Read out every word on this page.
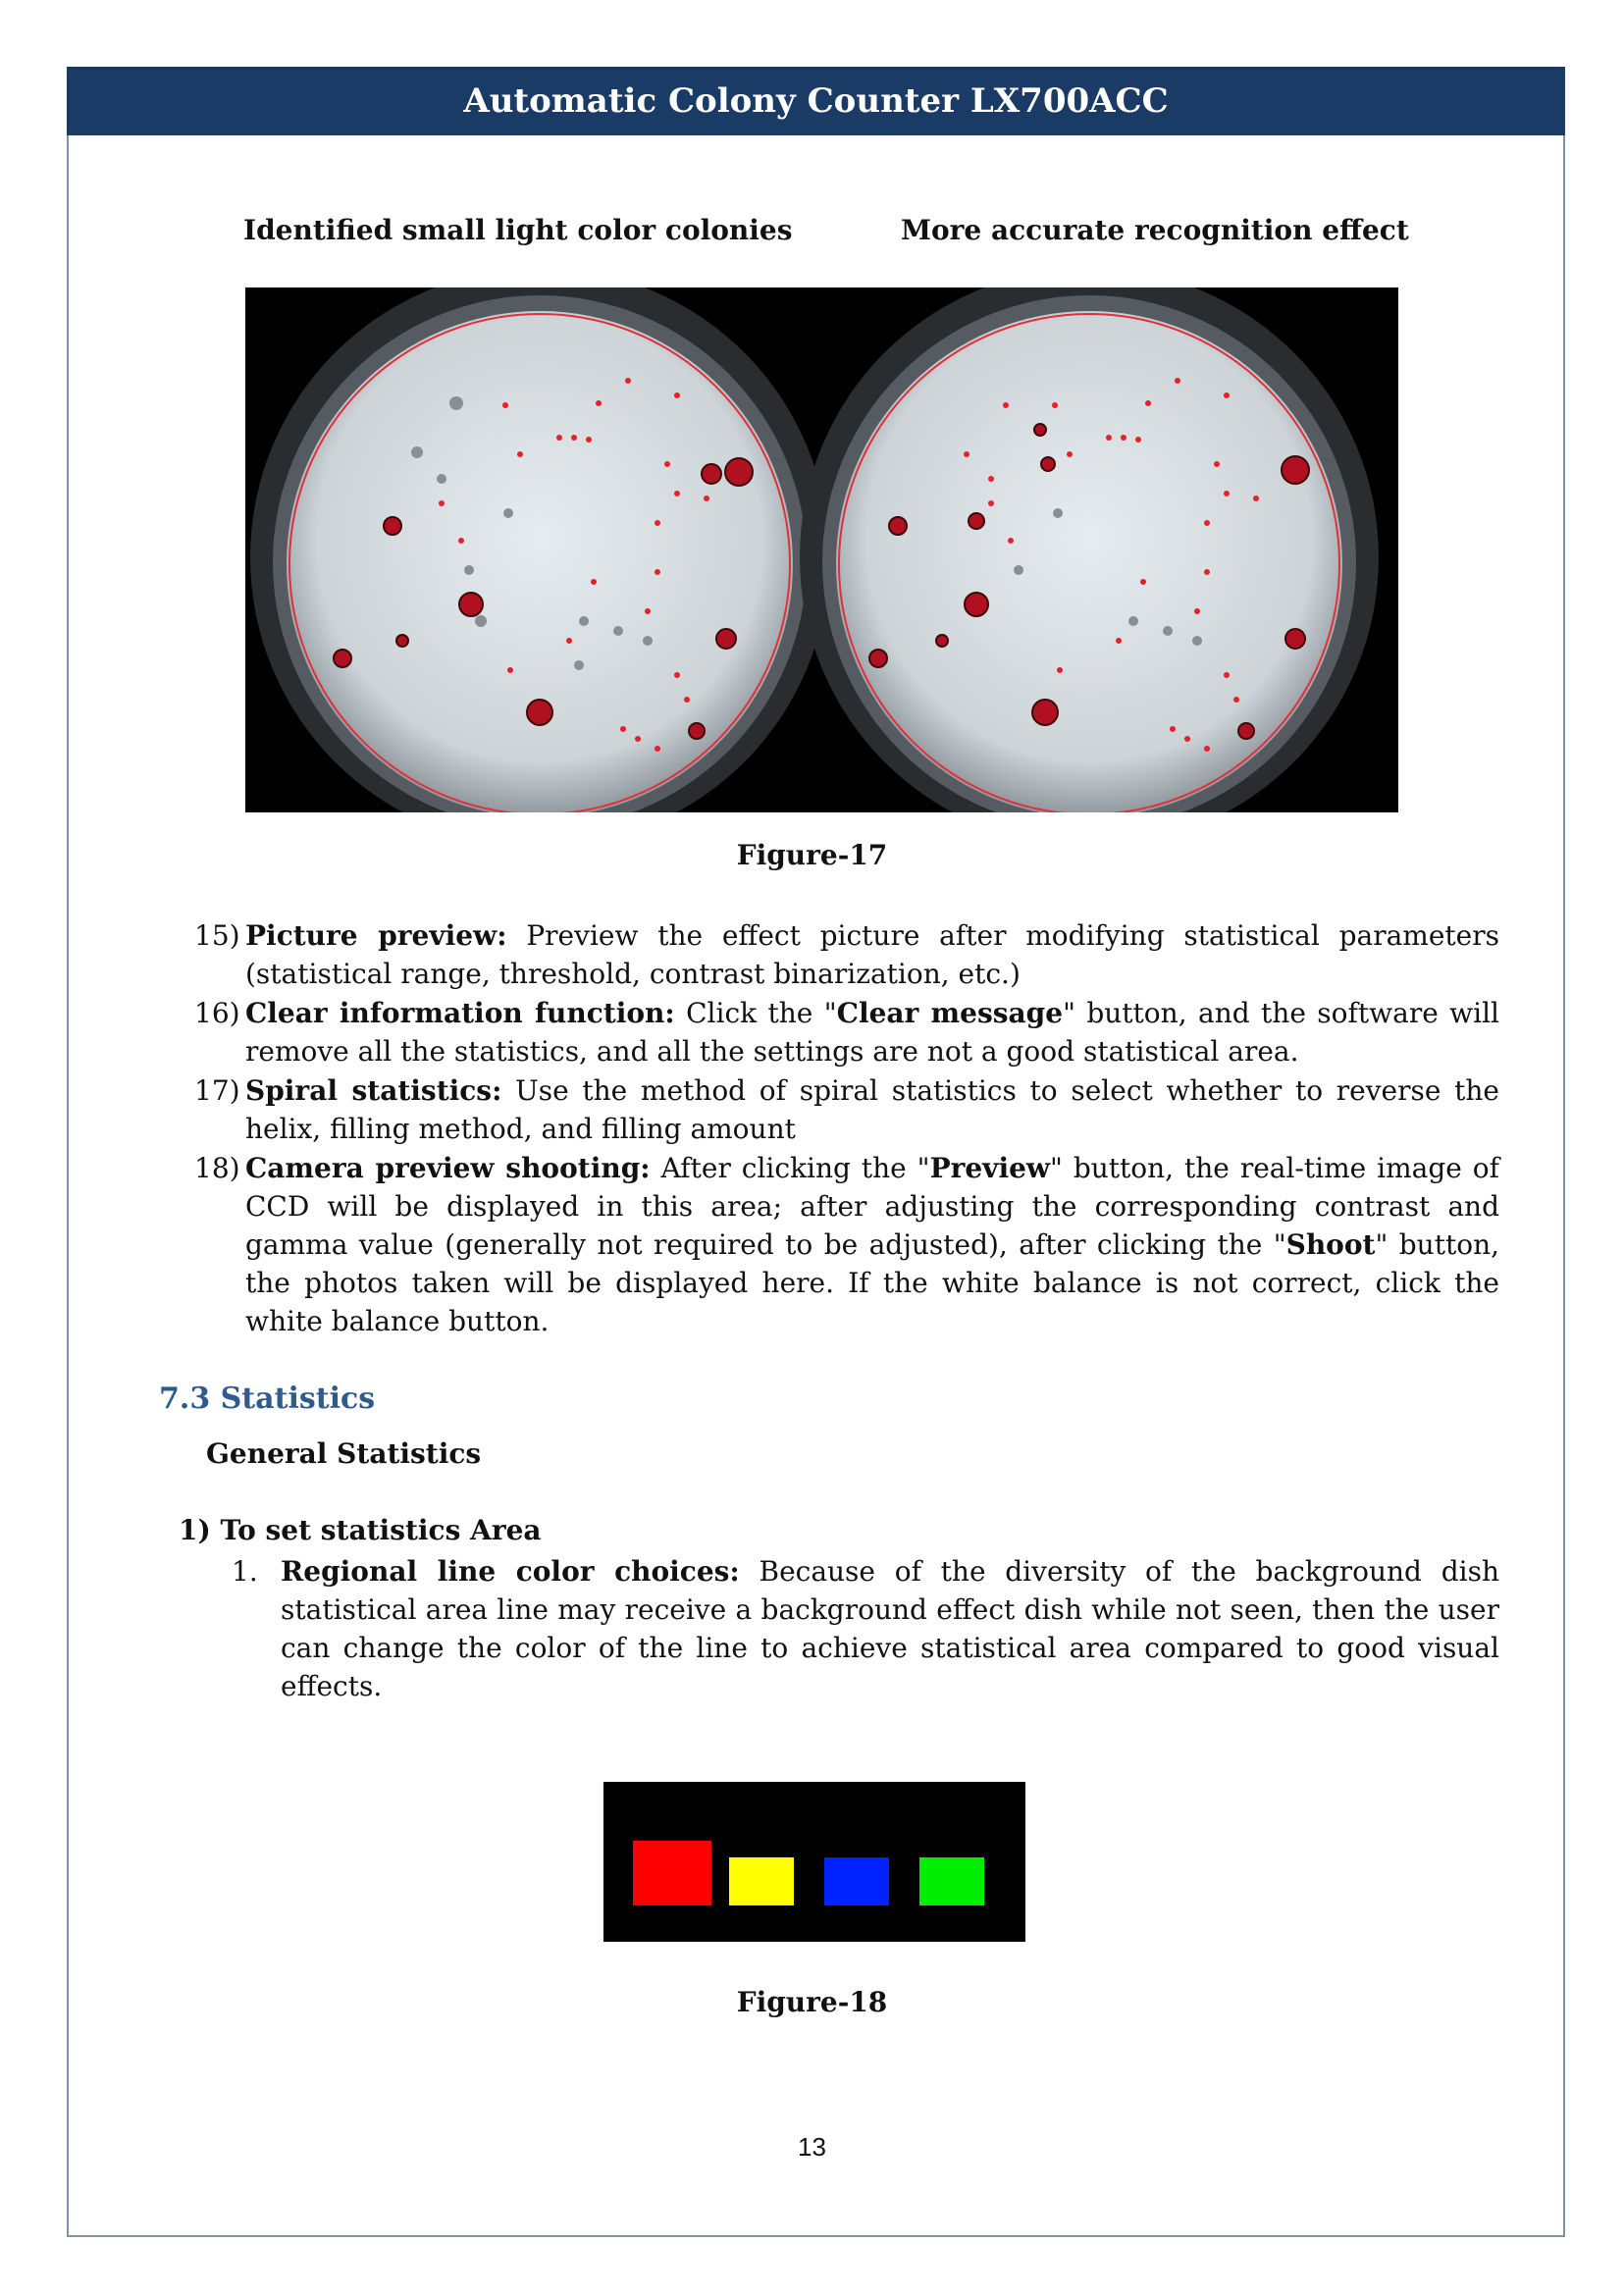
Automatic Colony Counter LX700ACC
Identified small light color colonies	More accurate recognition effect
Figure-17
15) Picture preview: Preview the effect picture after modifying statistical parameters (statistical range, threshold, contrast binarization, etc.)
16) Clear information function: Click the "Clear message" button, and the software will remove all the statistics, and all the settings are not a good statistical area.
17) Spiral statistics: Use the method of spiral statistics to select whether to reverse the helix, filling method, and filling amount
18) Camera preview shooting: After clicking the "Preview" button, the real-time image of CCD will be displayed in this area; after adjusting the corresponding contrast and gamma value (generally not required to be adjusted), after clicking the "Shoot" button, the photos taken will be displayed here. If the white balance is not correct, click the white balance button.
7.3 Statistics
General Statistics
1) To set statistics Area
1. Regional line color choices: Because of the diversity of the background dish statistical area line may receive a background effect dish while not seen, then the user can change the color of the line to achieve statistical area compared to good visual effects.
Figure-18
13
